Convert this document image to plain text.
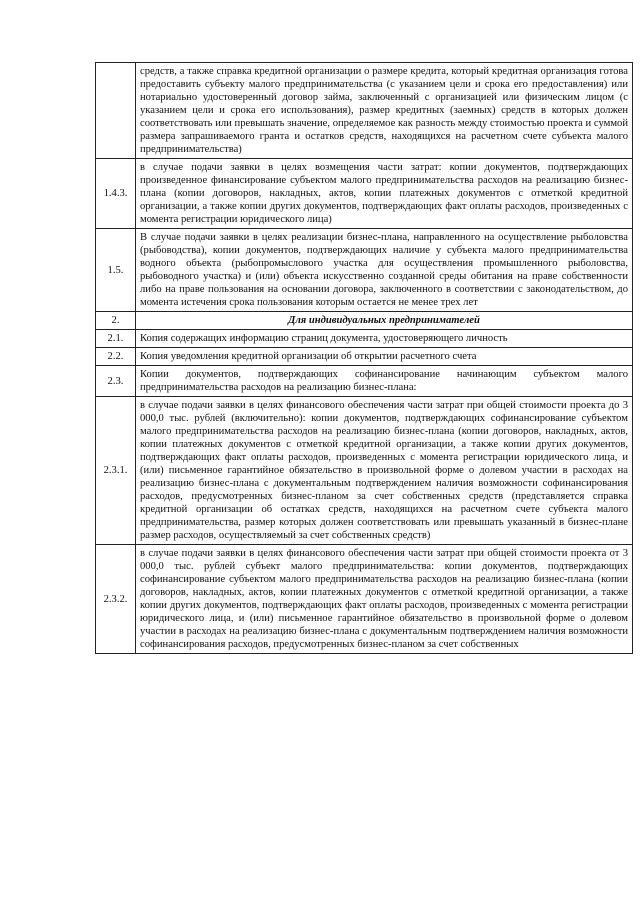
	средств, а также справка кредитной организации о размере кредита, который кредитная организация готова предоставить субъекту малого предпринимательства (с указанием цели и срока его предоставления) или нотариально удостоверенный договор займа, заключенный с организацией или физическим лицом (с указанием цели и срока его использования), размер кредитных (заемных) средств в которых должен соответствовать или превышать значение, определяемое как разность между стоимостью проекта и суммой размера запрашиваемого гранта и остатков средств, находящихся на расчетном счете субъекта малого предпринимательства)
1.4.3.	в случае подачи заявки в целях возмещения части затрат: копии документов, подтверждающих произведенное финансирование субъектом малого предпринимательства расходов на реализацию бизнес-плана (копии договоров, накладных, актов, копии платежных документов с отметкой кредитной организации, а также копии других документов, подтверждающих факт оплаты расходов, произведенных с момента регистрации юридического лица)
1.5.	В случае подачи заявки в целях реализации бизнес-плана, направленного на осуществление рыболовства (рыбоводства), копии документов, подтверждающих наличие у субъекта малого предпринимательства водного объекта (рыбопромыслового участка для осуществления промышленного рыболовства, рыбоводного участка) и (или) объекта искусственно созданной среды обитания на праве собственности либо на праве пользования на основании договора, заключенного в соответствии с законодательством, до момента истечения срока пользования которым остается не менее трех лет
2.	Для индивидуальных предпринимателей
2.1.	Копия содержащих информацию страниц документа, удостоверяющего личность
2.2.	Копия уведомления кредитной организации об открытии расчетного счета
2.3.	Копии документов, подтверждающих софинансирование начинающим субъектом малого предпринимательства расходов на реализацию бизнес-плана:
2.3.1.	в случае подачи заявки в целях финансового обеспечения части затрат при общей стоимости проекта до 3 000,0 тыс. рублей (включительно): копии документов, подтверждающих софинансирование субъектом малого предпринимательства расходов на реализацию бизнес-плана (копии договоров, накладных, актов, копии платежных документов с отметкой кредитной организации, а также копии других документов, подтверждающих факт оплаты расходов, произведенных с момента регистрации юридического лица, и (или) письменное гарантийное обязательство в произвольной форме о долевом участии в расходах на реализацию бизнес-плана с документальным подтверждением наличия возможности софинансирования расходов, предусмотренных бизнес-планом за счет собственных средств (представляется справка кредитной организации об остатках средств, находящихся на расчетном счете субъекта малого предпринимательства, размер которых должен соответствовать или превышать указанный в бизнес-плане размер расходов, осуществляемый за счет собственных средств)
2.3.2.	в случае подачи заявки в целях финансового обеспечения части затрат при общей стоимости проекта от 3 000,0 тыс. рублей субъект малого предпринимательства: копии документов, подтверждающих софинансирование субъектом малого предпринимательства расходов на реализацию бизнес-плана (копии договоров, накладных, актов, копии платежных документов с отметкой кредитной организации, а также копии других документов, подтверждающих факт оплаты расходов, произведенных с момента регистрации юридического лица, и (или) письменное гарантийное обязательство в произвольной форме о долевом участии в расходах на реализацию бизнес-плана с документальным подтверждением наличия возможности софинансирования расходов, предусмотренных бизнес-планом за счет собственных
